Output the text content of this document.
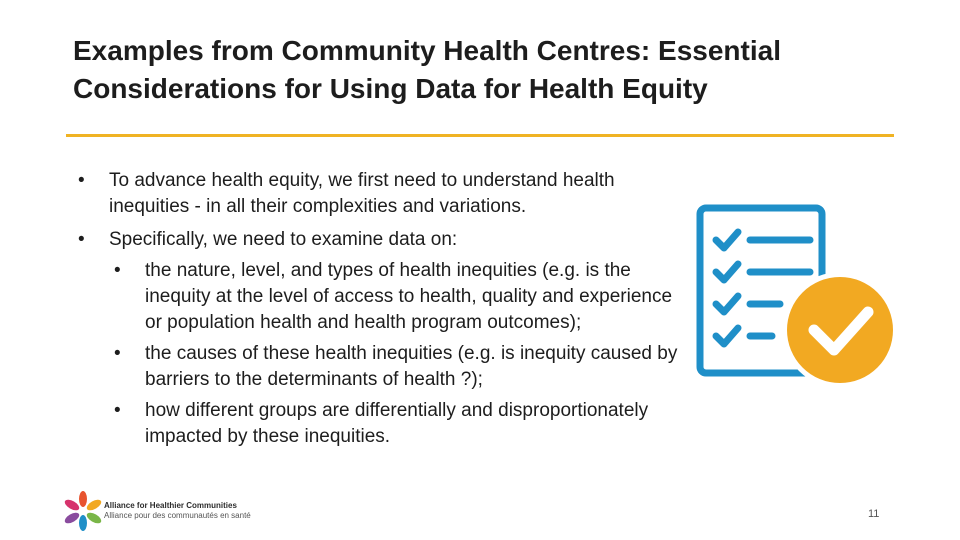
Examples from Community Health Centres: Essential Considerations for Using Data for Health Equity
•	To advance health equity, we first need to understand health inequities - in all their complexities and variations.
•	Specifically, we need to examine data on:
•	the nature, level, and types of health inequities (e.g. is the inequity at the level of access to health, quality and experience or population health and health program outcomes);
•	the causes of these health inequities (e.g. is inequity caused by barriers to the determinants of health ?);
•	how different groups are differentially and disproportionately impacted by these inequities.
Alliance for Healthier Communities
Alliance pour des communautés en santé	11
